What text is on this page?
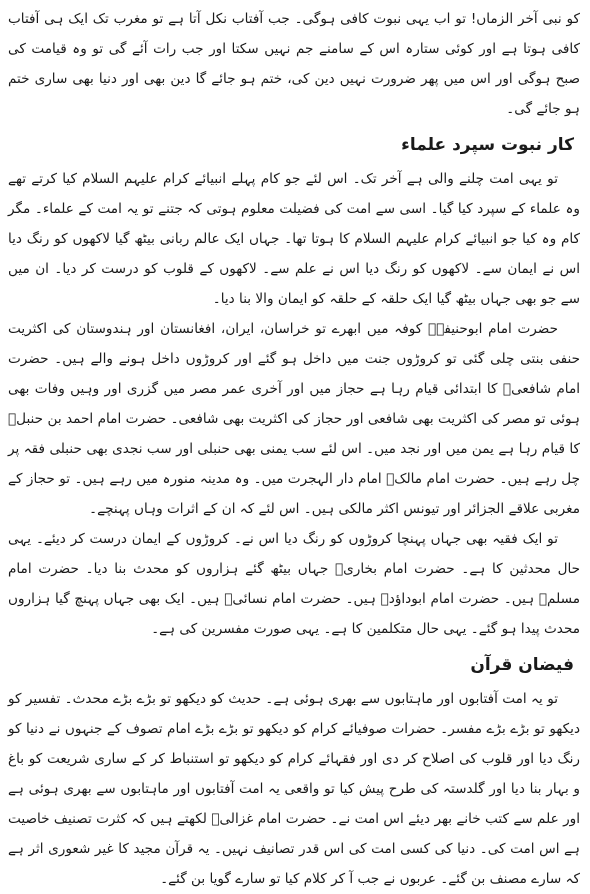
کو نبی آخر الزماں! تو اب یہی نبوت کافی ہوگی۔ جب آفتاب نکل آتا ہے تو مغرب تک ایک ہی آفتاب کافی ہوتا ہے اور کوئی ستارہ اس کے سامنے جم نہیں سکتا اور جب رات آئے گی تو وہ قیامت کی صبح ہوگی اور اس میں پھر ضرورت نہیں دین کی، ختم ہو جائے گا دین بھی اور دنیا بھی ساری ختم ہو جائے گی۔

کار نبوت سپرد علماء

تو یہی امت چلنے والی ہے آخر تک۔ اس لئے جو کام پہلے انبیائے کرام علیہم السلام کیا کرتے تھے وہ علماء کے سپرد کیا گیا۔ اسی سے امت کی فضیلت معلوم ہوتی کہ جتنے تو یہ امت کے علماء۔ مگر کام وہ کیا جو انبیائے کرام علیہم السلام کا ہوتا تھا۔ جہاں ایک عالم ربانی بیٹھ گیا لاکھوں کو رنگ دیا اس نے ایمان سے۔ لاکھوں کو رنگ دیا اس نے علم سے۔ لاکھوں کے قلوب کو درست کر دیا۔ ان میں سے جو بھی جہاں بیٹھ گیا ایک حلقہ کے حلقہ کو ایمان والا بنا دیا۔

حضرت امام ابوحنیفہؒ کوفہ میں ابھرے تو خراسان، ایران، افغانستان اور ہندوستان کی اکثریت حنفی بنتی چلی گئی تو کروڑوں جنت میں داخل ہو گئے اور کروڑوں داخل ہونے والے ہیں۔ حضرت امام شافعیؒ کا ابتدائی قیام رہا ہے حجاز میں اور آخری عمر مصر میں گزری اور وہیں وفات بھی ہوئی تو مصر کی اکثریت بھی شافعی اور حجاز کی اکثریت بھی شافعی۔ حضرت امام احمد بن حنبلؒ کا قیام رہا ہے یمن میں اور نجد میں۔ اس لئے سب یمنی بھی حنبلی اور سب نجدی بھی حنبلی فقہ پر چل رہے ہیں۔ حضرت امام مالکؒ امام دار الہجرت میں۔ وہ مدینہ منورہ میں رہے ہیں۔ تو حجاز کے مغربی علاقے الجزائر اور تیونس اکثر مالکی ہیں۔ اس لئے کہ ان کے اثرات وہاں پہنچے۔

تو ایک فقیہ بھی جہاں پہنچا کروڑوں کو رنگ دیا اس نے۔ کروڑوں کے ایمان درست کر دیئے۔ یہی حال محدثین کا ہے۔ حضرت امام بخاریؒ جہاں بیٹھ گئے ہزاروں کو محدث بنا دیا۔ حضرت امام مسلمؒ ہیں۔ حضرت امام ابوداؤدؒ ہیں۔ حضرت امام نسائیؒ ہیں۔ ایک بھی جہاں پہنچ گیا ہزاروں محدث پیدا ہو گئے۔ یہی حال متکلمین کا ہے۔ یہی صورت مفسرین کی ہے۔

فیضان قرآن

تو یہ امت آفتابوں اور ماہتابوں سے بھری ہوئی ہے۔ حدیث کو دیکھو تو بڑے بڑے محدث۔ تفسیر کو دیکھو تو بڑے بڑے مفسر۔ حضرات صوفیائے کرام کو دیکھو تو بڑے بڑے امام تصوف کے جنہوں نے دنیا کو رنگ دیا اور قلوب کی اصلاح کر دی اور فقہائے کرام کو دیکھو تو استنباط کر کے ساری شریعت کو باغ و بہار بنا دیا اور گلدستہ کی طرح پیش کیا تو واقعی یہ امت آفتابوں اور ماہتابوں سے بھری ہوئی ہے اور علم سے کتب خانے بھر دیئے اس امت نے۔ حضرت امام غزالیؒ لکھتے ہیں کہ کثرت تصنیف خاصیت ہے اس امت کی۔ دنیا کی کسی امت کی اس قدر تصانیف نہیں۔ یہ قرآن مجید کا غیر شعوری اثر ہے کہ سارے مصنف بن گئے۔ عربوں نے جب آ کر کلام کیا تو سارے گویا بن گئے۔
